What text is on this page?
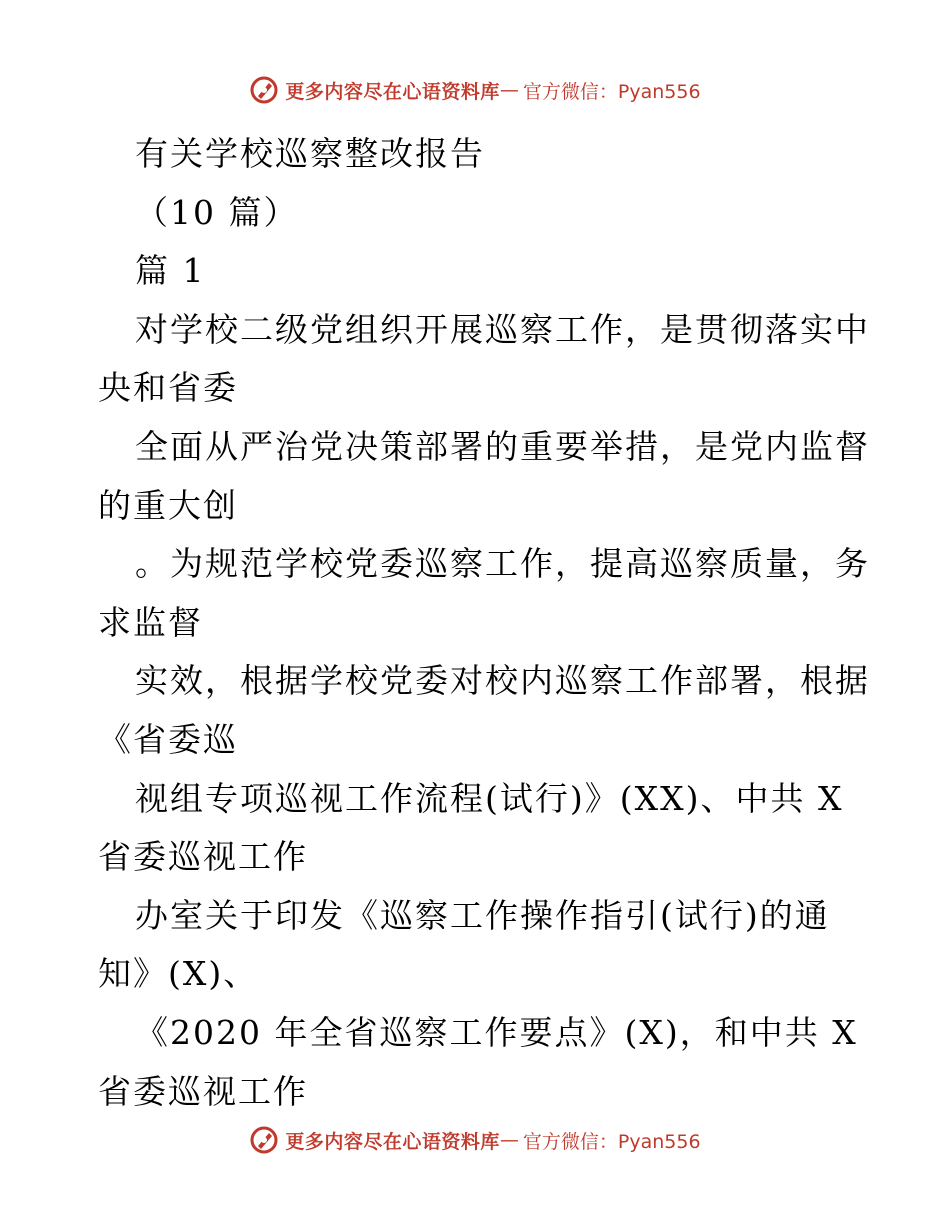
更多内容尽在心语资料库 — 官方微信：Pyan556
有关学校巡察整改报告
（10 篇）
篇 1
对学校二级党组织开展巡察工作，是贯彻落实中
央和省委
全面从严治党决策部署的重要举措，是党内监督
的重大创
。为规范学校党委巡察工作，提高巡察质量，务
求监督
实效，根据学校党委对校内巡察工作部署，根据
《省委巡
视组专项巡视工作流程(试行)》(XX)、中共 X
省委巡视工作
办室关于印发《巡察工作操作指引(试行)的通
知》(X)、
《2020 年全省巡察工作要点》(X)，和中共 X
省委巡视工作
更多内容尽在心语资料库 — 官方微信：Pyan556
